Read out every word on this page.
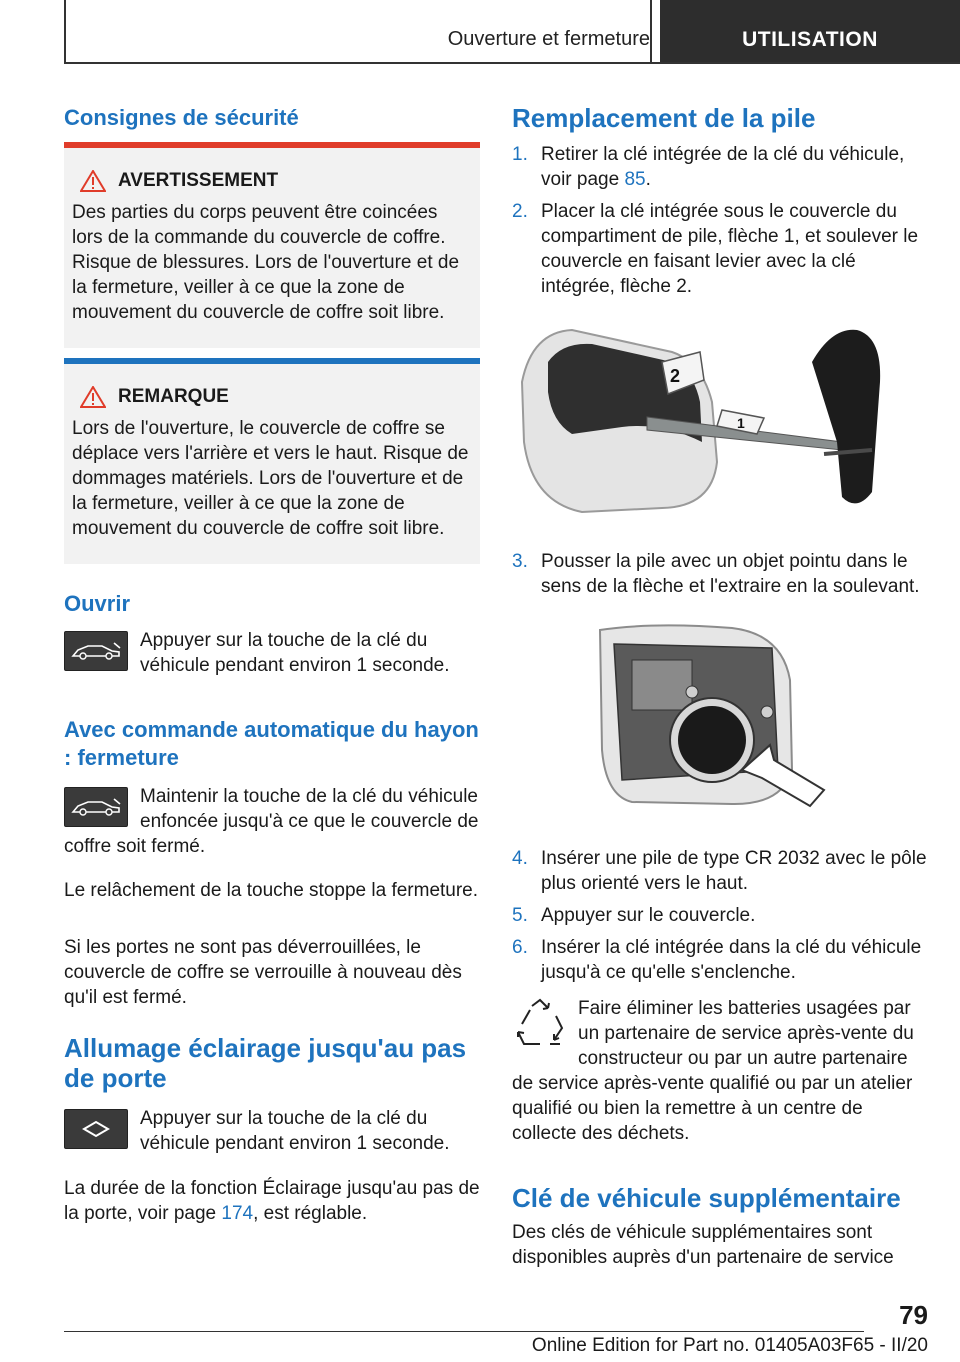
Ouverture et fermeture	UTILISATION
Consignes de sécurité
AVERTISSEMENT

Des parties du corps peuvent être coincées lors de la commande du couvercle de coffre. Risque de blessures. Lors de l'ouverture et de la fermeture, veiller à ce que la zone de mouvement du couvercle de coffre soit libre.

REMARQUE

Lors de l'ouverture, le couvercle de coffre se déplace vers l'arrière et vers le haut. Risque de dommages matériels. Lors de l'ouverture et de la fermeture, veiller à ce que la zone de mouvement du couvercle de coffre soit libre.

Ouvrir

Appuyer sur la touche de la clé du véhicule pendant environ 1 seconde.

Avec commande automatique du hayon : fermeture

Maintenir la touche de la clé du véhicule enfoncée jusqu'à ce que le couvercle de coffre soit fermé.

Le relâchement de la touche stoppe la fermeture.

Si les portes ne sont pas déverrouillées, le couvercle de coffre se verrouille à nouveau dès qu'il est fermé.

Allumage éclairage jusqu'au pas de porte

Appuyer sur la touche de la clé du véhicule pendant environ 1 seconde.

La durée de la fonction Éclairage jusqu'au pas de la porte, voir page 174, est réglable.

Remplacement de la pile
1. Retirer la clé intégrée de la clé du véhicule, voir page 85.
2. Placer la clé intégrée sous le couvercle du compartiment de pile, flèche 1, et soulever le couvercle en faisant levier avec la clé intégrée, flèche 2.
2
1
3. Pousser la pile avec un objet pointu dans le sens de la flèche et l'extraire en la soulevant.
4. Insérer une pile de type CR 2032 avec le pôle plus orienté vers le haut.
5. Appuyer sur le couvercle.
6. Insérer la clé intégrée dans la clé du véhicule jusqu'à ce qu'elle s'enclenche.

Faire éliminer les batteries usagées par un partenaire de service après-vente du constructeur ou par un autre partenaire de service après-vente qualifié ou par un atelier qualifié ou bien la remettre à un centre de collecte des déchets.

Clé de véhicule supplémentaire

Des clés de véhicule supplémentaires sont disponibles auprès d'un partenaire de service

79
Online Edition for Part no. 01405A03F65 - II/20
